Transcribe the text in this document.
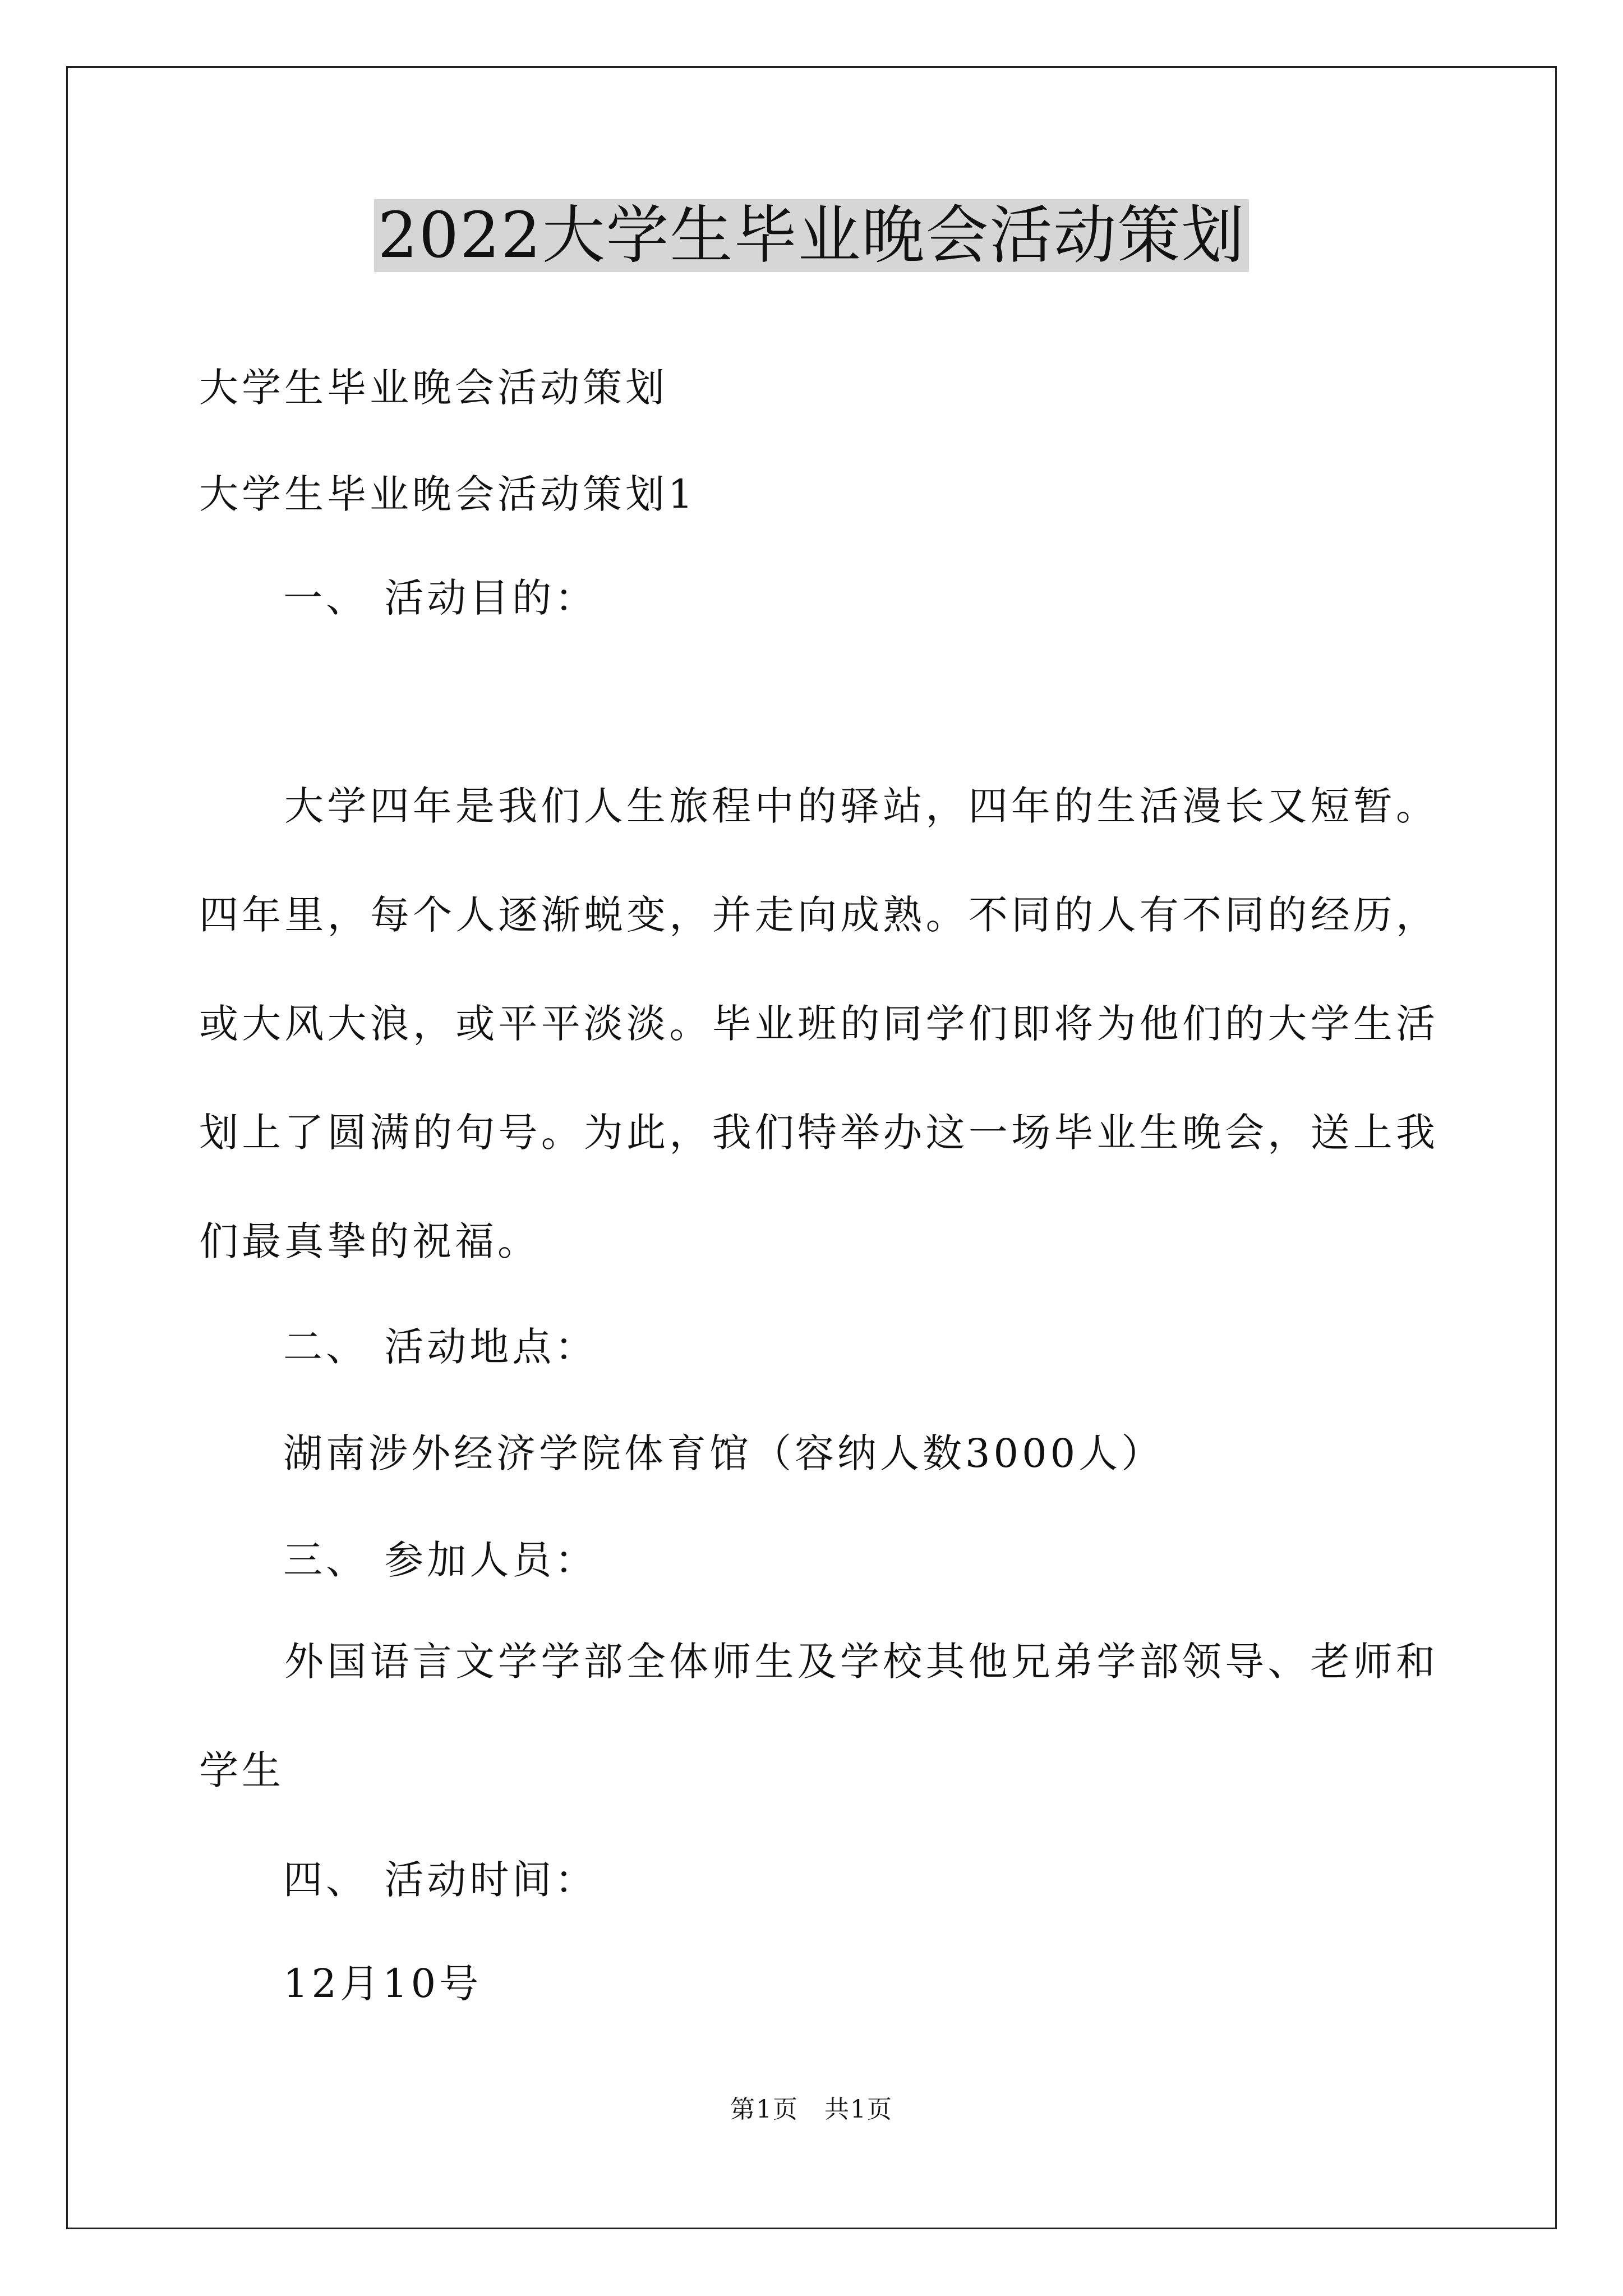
2022大学生毕业晚会活动策划
大学生毕业晚会活动策划
大学生毕业晚会活动策划1
一、 活动目的：
大学四年是我们人生旅程中的驿站，四年的生活漫长又短暂。四年里，每个人逐渐蜕变，并走向成熟。不同的人有不同的经历，或大风大浪，或平平淡淡。毕业班的同学们即将为他们的大学生活划上了圆满的句号。为此，我们特举办这一场毕业生晚会，送上我们最真挚的祝福。
二、 活动地点：
湖南涉外经济学院体育馆（容纳人数3000人）
三、 参加人员：
外国语言文学学部全体师生及学校其他兄弟学部领导、老师和学生
四、 活动时间：
12月10号
第1页　共1页
